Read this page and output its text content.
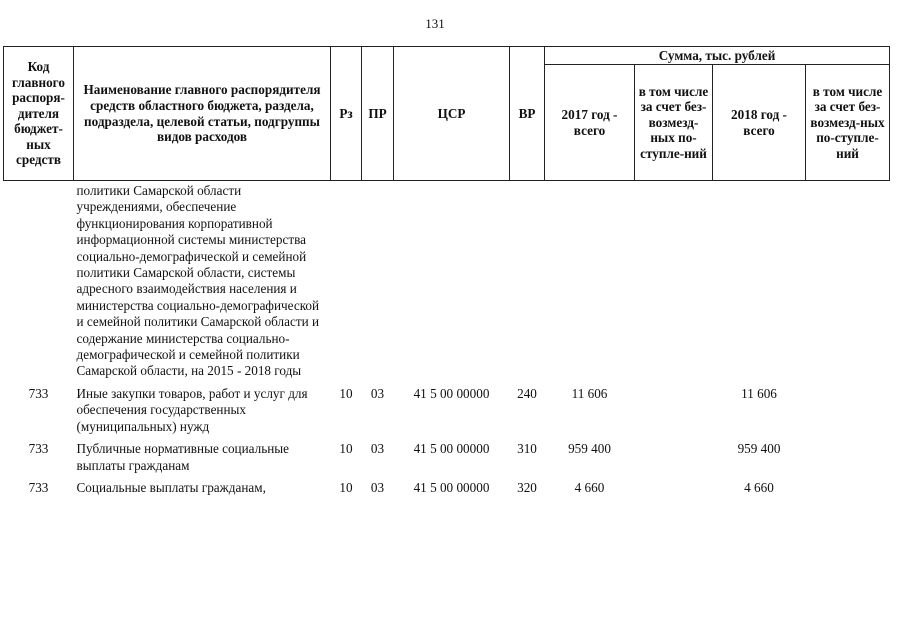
131
Код главного распоря-дителя бюджет-ных средств	Наименование главного распорядителя средств областного бюджета, раздела, подраздела, целевой статьи, подгруппы видов расходов	Рз	ПР	ЦСР	ВР	Сумма, тыс. рублей			
						2017 год - всего	в том числе за счет без-возмезд-ных по-ступле-ний	2018 год - всего	в том числе за счет без-возмезд-ных по-ступле-ний
	политики Самарской области учреждениями, обеспечение функционирования корпоративной информационной системы министерства социально-демографической и семейной политики Самарской области, системы адресного взаимодействия населения и министерства социально-демографической и семейной политики Самарской области и содержание министерства социально-демографической и семейной политики Самарской области, на 2015 - 2018 годы								
733	Иные закупки товаров, работ и услуг для обеспечения государственных (муниципальных) нужд	10	03	41 5 00 00000	240	11 606		11 606	
733	Публичные нормативные социальные выплаты гражданам	10	03	41 5 00 00000	310	959 400		959 400	
733	Социальные выплаты гражданам,	10	03	41 5 00 00000	320	4 660		4 660	
